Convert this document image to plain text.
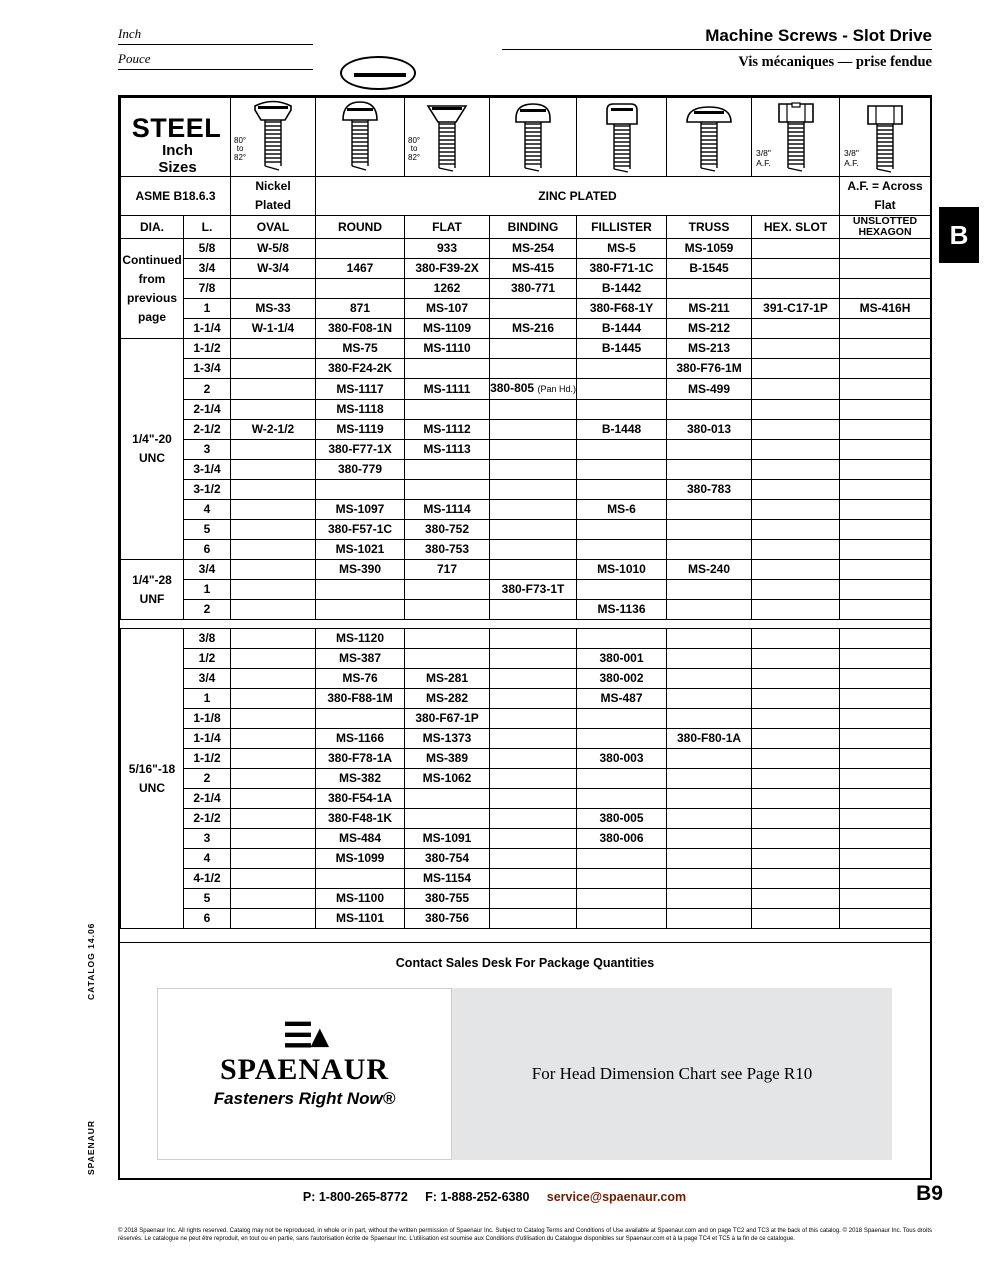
Inch
Pouce
Machine Screws - Slot Drive
Vis mécaniques — prise fendue
B
STEEL
Inch
Sizes

80°
to
82°

80°
to
82°				3/8"
A.F.

3/8"
A.F.

ASME B18.6.3		Nickel
Plated	ZINC PLATED						A.F. = Across Flat
DIA.	L.	OVAL	ROUND	FLAT	BINDING	FILLISTER	TRUSS	HEX. SLOT	UNSLOTTED
HEXAGON
Continued
from
previous
page	5/8	W-5/8		933	MS-254	MS-5	MS-1059		
	3/4	W-3/4	1467	380-F39-2X	MS-415	380-F71-1C	B-1545		
	7/8			1262	380-771	B-1442			
	1	MS-33	871	MS-107		380-F68-1Y	MS-211	391-C17-1P	MS-416H
	1-1/4	W-1-1/4	380-F08-1N	MS-1109	MS-216	B-1444	MS-212		
1/4"-20
UNC	1-1/2		MS-75	MS-1110		B-1445	MS-213		
	1-3/4		380-F24-2K				380-F76-1M		
	2		MS-1117	MS-1111	380-805 (Pan Hd.)		MS-499		
	2-1/4		MS-1118						
	2-1/2	W-2-1/2	MS-1119	MS-1112		B-1448	380-013		
	3		380-F77-1X	MS-1113					
	3-1/4		380-779						
	3-1/2						380-783		
	4		MS-1097	MS-1114		MS-6			
	5		380-F57-1C	380-752					
	6		MS-1021	380-753					
1/4"-28
UNF	3/4		MS-390	717		MS-1010	MS-240		
	1				380-F73-1T				
	2					MS-1136			

5/16"-18
UNC	3/8		MS-1120						
	1/2		MS-387			380-001			
	3/4		MS-76	MS-281		380-002			
	1		380-F88-1M	MS-282		MS-487			
	1-1/8			380-F67-1P					
	1-1/4		MS-1166	MS-1373			380-F80-1A		
	1-1/2		380-F78-1A	MS-389		380-003			
	2		MS-382	MS-1062					
	2-1/4		380-F54-1A						
	2-1/2		380-F48-1K			380-005			
	3		MS-484	MS-1091		380-006			
	4		MS-1099	380-754					
	4-1/2			MS-1154					
	5		MS-1100	380-755					
	6		MS-1101	380-756					
Contact Sales Desk For Package Quantities
☰▴
SPAENAUR
Fasteners Right Now®
For Head Dimension Chart see Page R10
CATALOG 14.06
SPAENAUR
P: 1-800-265-8772 F: 1-888-252-6380 service@spaenaur.com	B9
© 2018 Spaenaur Inc. All rights reserved. Catalog may not be reproduced, in whole or in part, without the written permission of Spaenaur Inc. Subject to Catalog Terms and Conditions of Use available at Spaenaur.com and on page TC2 and TC3 at the back of this catalog. © 2018 Spaenaur Inc. Tous droits réservés. Le catalogue ne peut être reproduit, en tout ou en partie, sans l'autorisation écrite de Spaenaur Inc. L'utilisation est soumise aux Conditions d'utilisation du Catalogue disponibles sur Spaenaur.com et à la page TC4 et TC5 à la fin de ce catalogue.
